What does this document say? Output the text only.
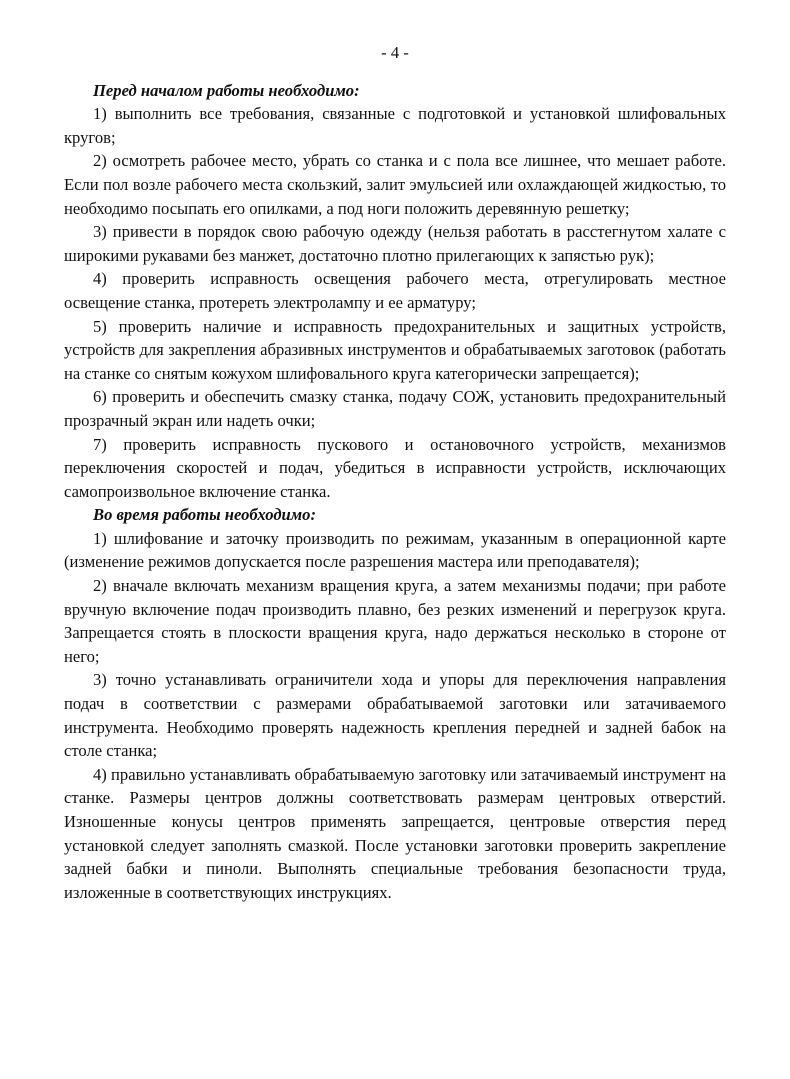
- 4 -

Перед началом работы необходимо:

1) выполнить все требования, связанные с подготовкой и установкой шлифовальных кругов;

2) осмотреть рабочее место, убрать со станка и с пола все лишнее, что мешает работе. Если пол возле рабочего места скользкий, залит эмульсией или охлаждающей жидкостью, то необходимо посыпать его опилками, а под ноги положить деревянную решетку;

3) привести в порядок свою рабочую одежду (нельзя работать в расстегнутом халате с широкими рукавами без манжет, достаточно плотно прилегающих к запястью рук);

4) проверить исправность освещения рабочего места, отрегулировать местное освещение станка, протереть электролампу и ее арматуру;

5) проверить наличие и исправность предохранительных и защитных устройств, устройств для закрепления абразивных инструментов и обрабатываемых заготовок (работать на станке со снятым кожухом шлифовального круга категорически запрещается);

6) проверить и обеспечить смазку станка, подачу СОЖ, установить предохранительный прозрачный экран или надеть очки;

7) проверить исправность пускового и остановочного устройств, механизмов переключения скоростей и подач, убедиться в исправности устройств, исключающих самопроизвольное включение станка.

Во время работы необходимо:

1) шлифование и заточку производить по режимам, указанным в операционной карте (изменение режимов допускается после разрешения мастера или преподавателя);

2) вначале включать механизм вращения круга, а затем механизмы подачи; при работе вручную включение подач производить плавно, без резких изменений и перегрузок круга. Запрещается стоять в плоскости вращения круга, надо держаться несколько в стороне от него;

3) точно устанавливать ограничители хода и упоры для переключения направления подач в соответствии с размерами обрабатываемой заготовки или затачиваемого инструмента. Необходимо проверять надежность крепления передней и задней бабок на столе станка;

4) правильно устанавливать обрабатываемую заготовку или затачиваемый инструмент на станке. Размеры центров должны соответствовать размерам центровых отверстий. Изношенные конусы центров применять запрещается, центровые отверстия перед установкой следует заполнять смазкой. После установки заготовки проверить закрепление задней бабки и пиноли. Выполнять специальные требования безопасности труда, изложенные в соответствующих инструкциях.
